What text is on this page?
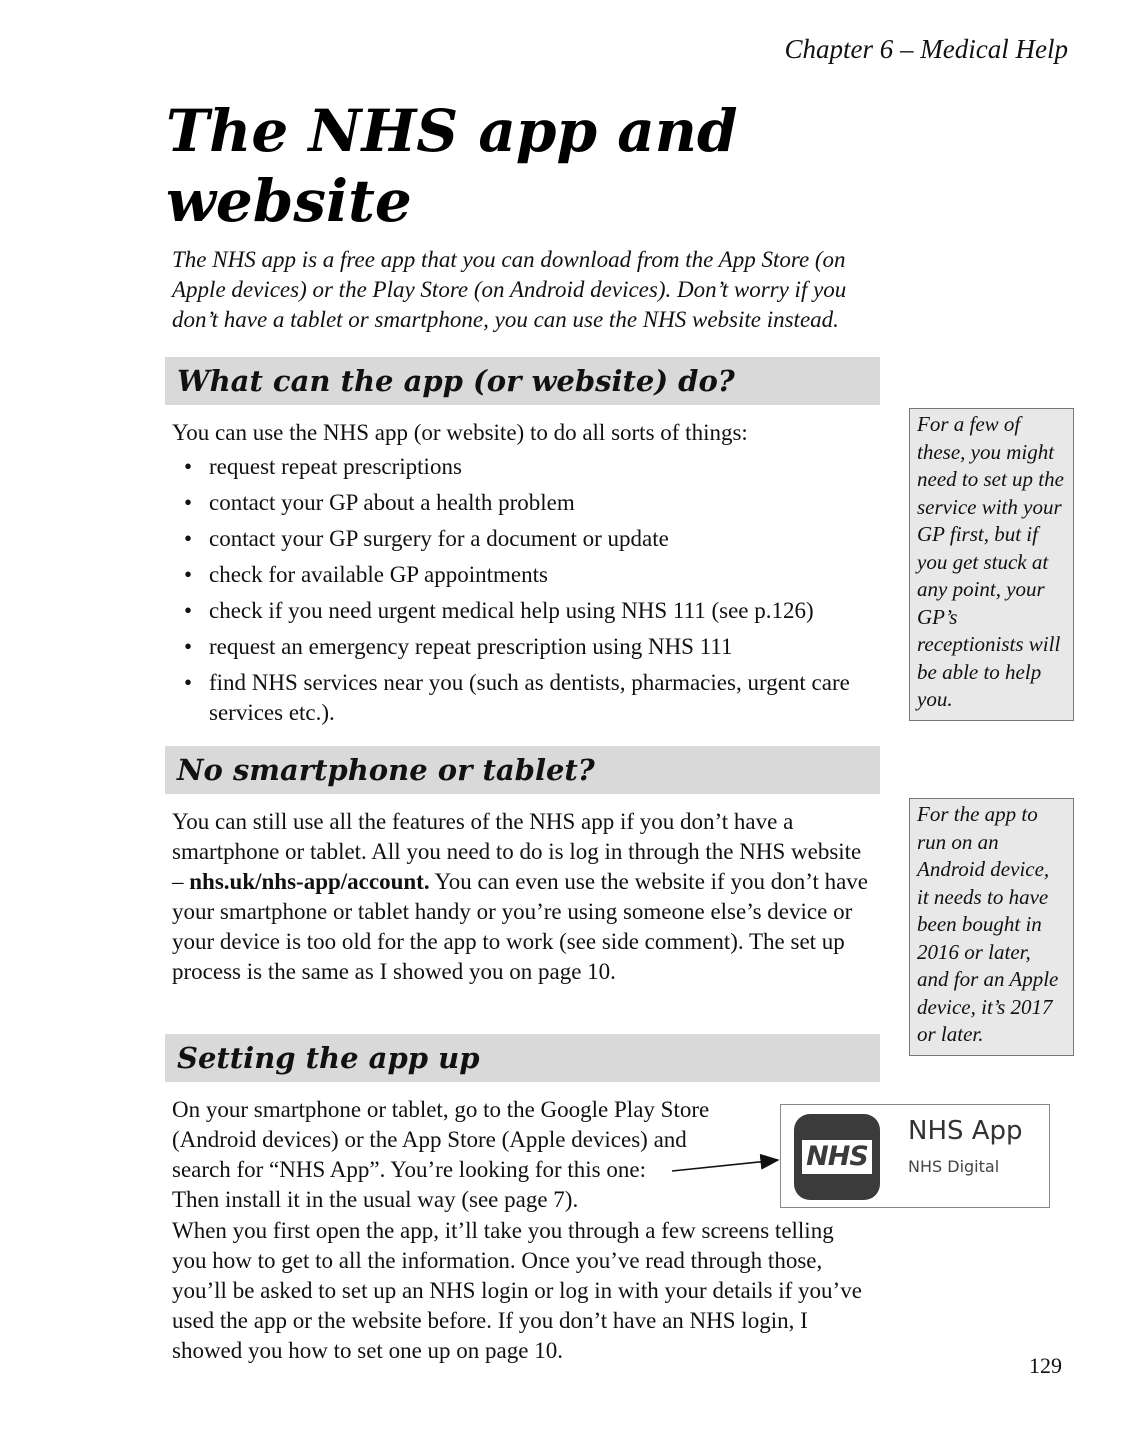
Chapter 6 – Medical Help
The NHS app and website

The NHS app is a free app that you can download from the App Store (on Apple devices) or the Play Store (on Android devices). Don’t worry if you don’t have a tablet or smartphone, you can use the NHS website instead.

What can the app (or website) do?

You can use the NHS app (or website) to do all sorts of things:

• request repeat prescriptions
• contact your GP about a health problem
• contact your GP surgery for a document or update
• check for available GP appointments
• check if you need urgent medical help using NHS 111 (see p.126)
• request an emergency repeat prescription using NHS 111
• find NHS services near you (such as dentists, pharmacies, urgent care services etc.).
For a few of these, you might need to set up the service with your GP first, but if you get stuck at any point, your GP’s receptionists will be able to help you.
No smartphone or tablet?

You can still use all the features of the NHS app if you don’t have a smartphone or tablet. All you need to do is log in through the NHS website – nhs.uk/nhs-app/account. You can even use the website if you don’t have your smartphone or tablet handy or you’re using someone else’s device or your device is too old for the app to work (see side comment). The set up process is the same as I showed you on page 10.

For the app to run on an Android device, it needs to have been bought in 2016 or later, and for an Apple device, it’s 2017 or later.
Setting the app up

On your smartphone or tablet, go to the Google Play Store
(Android devices) or the App Store (Apple devices) and
search for “NHS App”. You’re looking for this one:
Then install it in the usual way (see page 7).

When you first open the app, it’ll take you through a few screens telling you how to get to all the information. Once you’ve read through those, you’ll be asked to set up an NHS login or log in with your details if you’ve used the app or the website before. If you don’t have an NHS login, I showed you how to set one up on page 10.

NHS
NHS App
NHS Digital
129
